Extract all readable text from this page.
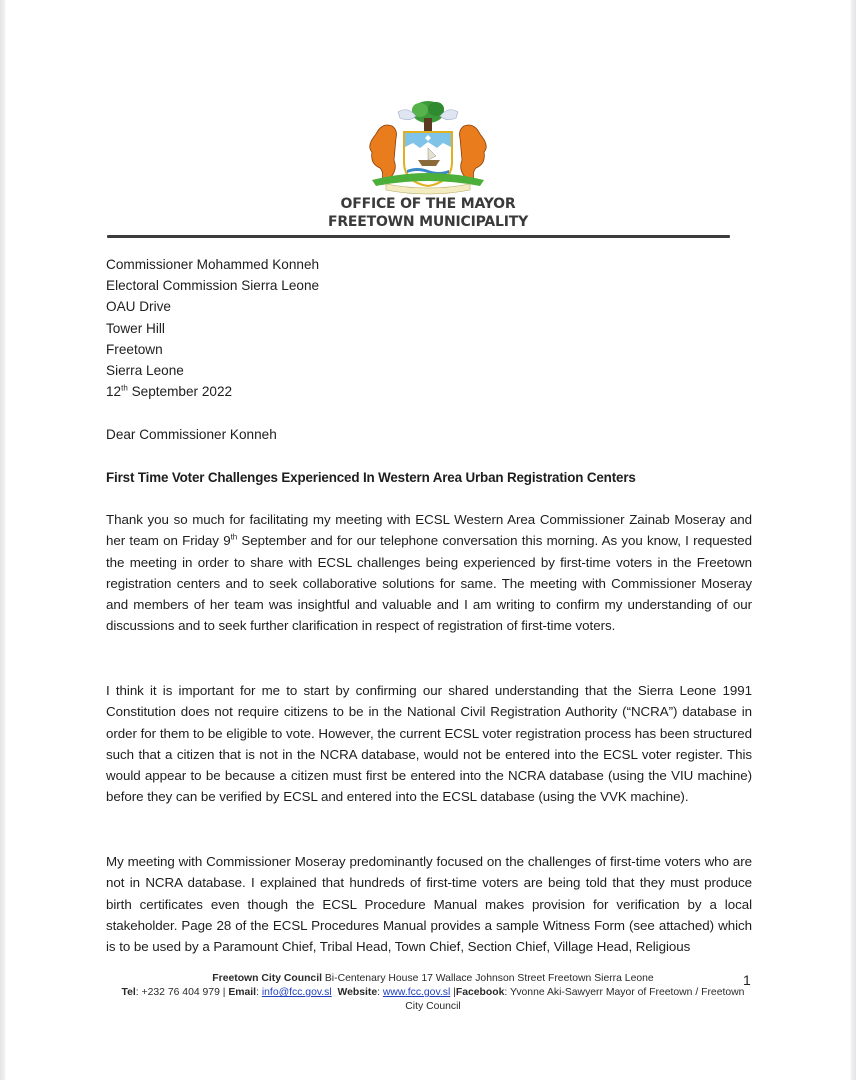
OFFICE OF THE MAYOR
FREETOWN MUNICIPALITY
Commissioner Mohammed Konneh
Electoral Commission Sierra Leone
OAU Drive
Tower Hill
Freetown
Sierra Leone
12th September 2022
Dear Commissioner Konneh
First Time Voter Challenges Experienced In Western Area Urban Registration Centers
Thank you so much for facilitating my meeting with ECSL Western Area Commissioner Zainab Moseray and her team on Friday 9th September and for our telephone conversation this morning. As you know, I requested the meeting in order to share with ECSL challenges being experienced by first-time voters in the Freetown registration centers and to seek collaborative solutions for same. The meeting with Commissioner Moseray and members of her team was insightful and valuable and I am writing to confirm my understanding of our discussions and to seek further clarification in respect of registration of first-time voters.
I think it is important for me to start by confirming our shared understanding that the Sierra Leone 1991 Constitution does not require citizens to be in the National Civil Registration Authority (“NCRA”) database in order for them to be eligible to vote. However, the current ECSL voter registration process has been structured such that a citizen that is not in the NCRA database, would not be entered into the ECSL voter register. This would appear to be because a citizen must first be entered into the NCRA database (using the VIU machine) before they can be verified by ECSL and entered into the ECSL database (using the VVK machine).
My meeting with Commissioner Moseray predominantly focused on the challenges of first-time voters who are not in NCRA database. I explained that hundreds of first-time voters are being told that they must produce birth certificates even though the ECSL Procedure Manual makes provision for verification by a local stakeholder. Page 28 of the ECSL Procedures Manual provides a sample Witness Form (see attached) which is to be used by a Paramount Chief, Tribal Head, Town Chief, Section Chief, Village Head, Religious
Freetown City Council Bi-Centenary House 17 Wallace Johnson Street Freetown Sierra Leone
Tel: +232 76 404 979 | Email: info@fcc.gov.sl Website: www.fcc.gov.sl |Facebook: Yvonne Aki-Sawyerr Mayor of Freetown / Freetown City Council
1
